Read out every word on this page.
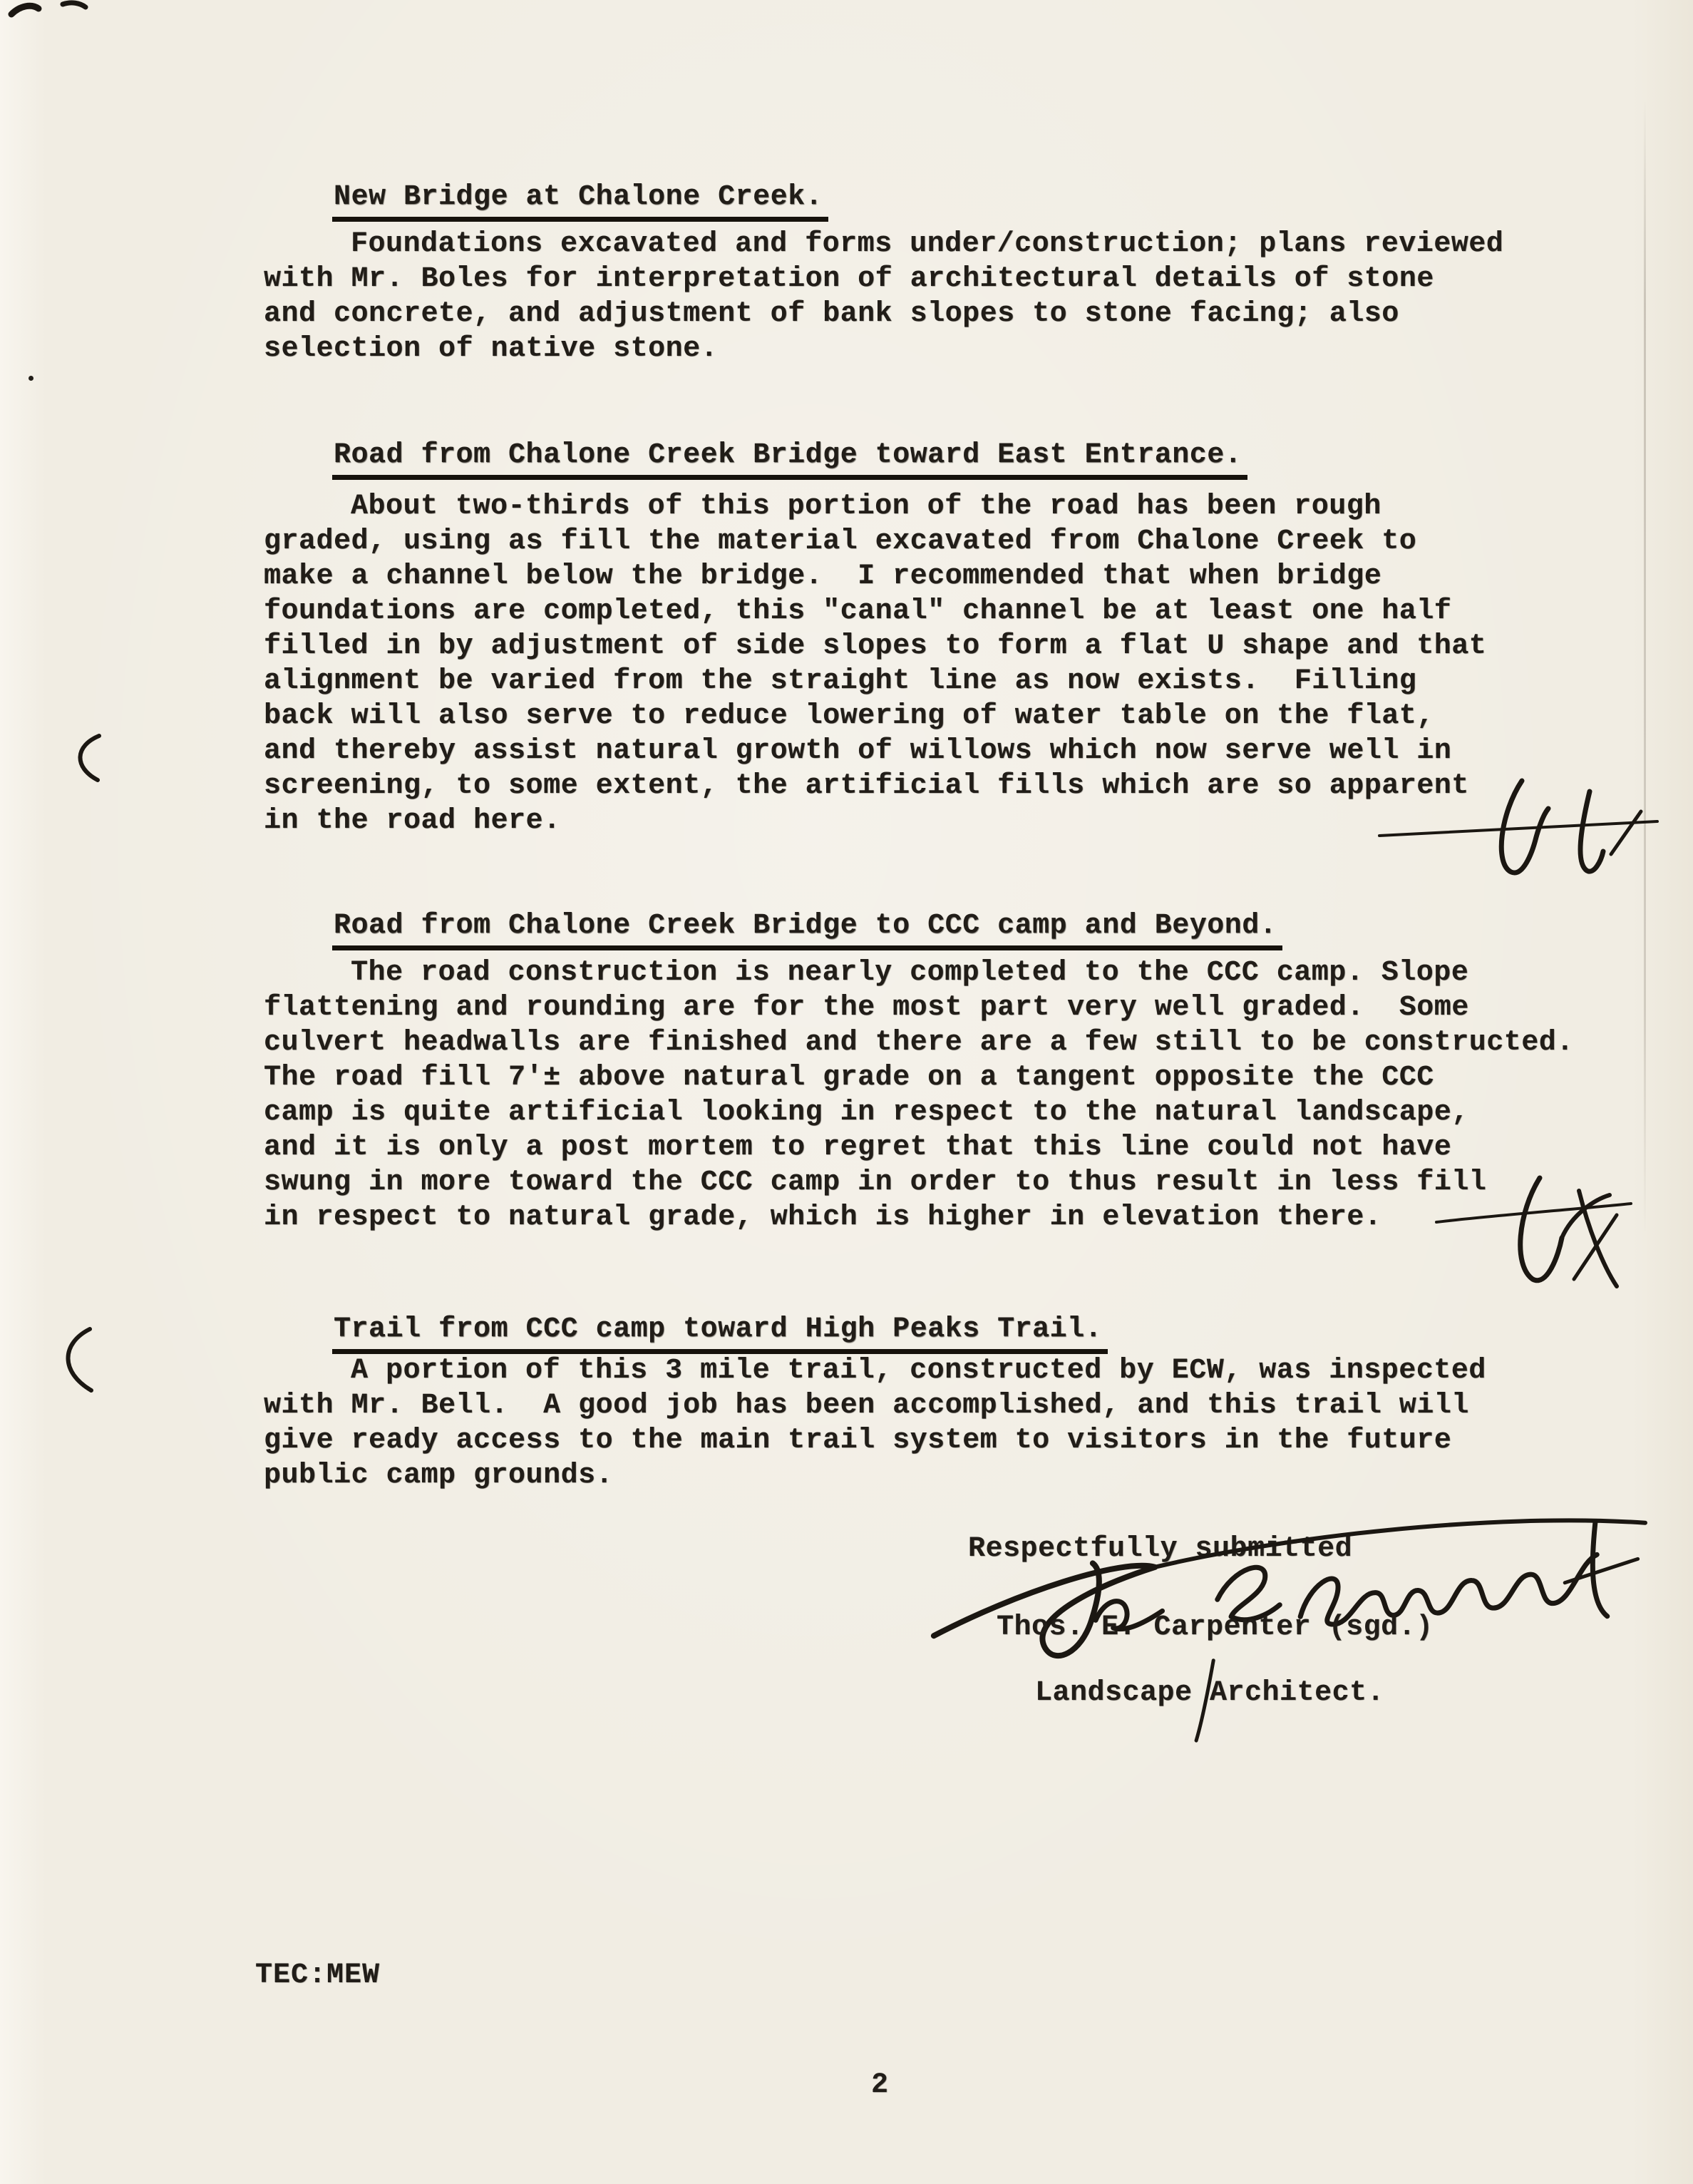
New Bridge at Chalone Creek.

Foundations excavated and forms under/construction; plans reviewed
with Mr. Boles for interpretation of architectural details of stone
and concrete, and adjustment of bank slopes to stone facing; also
selection of native stone.

Road from Chalone Creek Bridge toward East Entrance.

About two-thirds of this portion of the road has been rough
graded, using as fill the material excavated from Chalone Creek to
make a channel below the bridge.  I recommended that when bridge
foundations are completed, this "canal" channel be at least one half
filled in by adjustment of side slopes to form a flat U shape and that
alignment be varied from the straight line as now exists.  Filling
back will also serve to reduce lowering of water table on the flat,
and thereby assist natural growth of willows which now serve well in
screening, to some extent, the artificial fills which are so apparent
in the road here.

Road from Chalone Creek Bridge to CCC camp and Beyond.

The road construction is nearly completed to the CCC camp. Slope
flattening and rounding are for the most part very well graded.  Some
culvert headwalls are finished and there are a few still to be constructed.
The road fill 7'± above natural grade on a tangent opposite the CCC
camp is quite artificial looking in respect to the natural landscape,
and it is only a post mortem to regret that this line could not have
swung in more toward the CCC camp in order to thus result in less fill
in respect to natural grade, which is higher in elevation there.

Trail from CCC camp toward High Peaks Trail.

A portion of this 3 mile trail, constructed by ECW, was inspected
with Mr. Bell.  A good job has been accomplished, and this trail will
give ready access to the main trail system to visitors in the future
public camp grounds.
Respectfully submitted
Thos. E. Carpenter (sgd.)
Landscape Architect.
TEC:MEW
2
